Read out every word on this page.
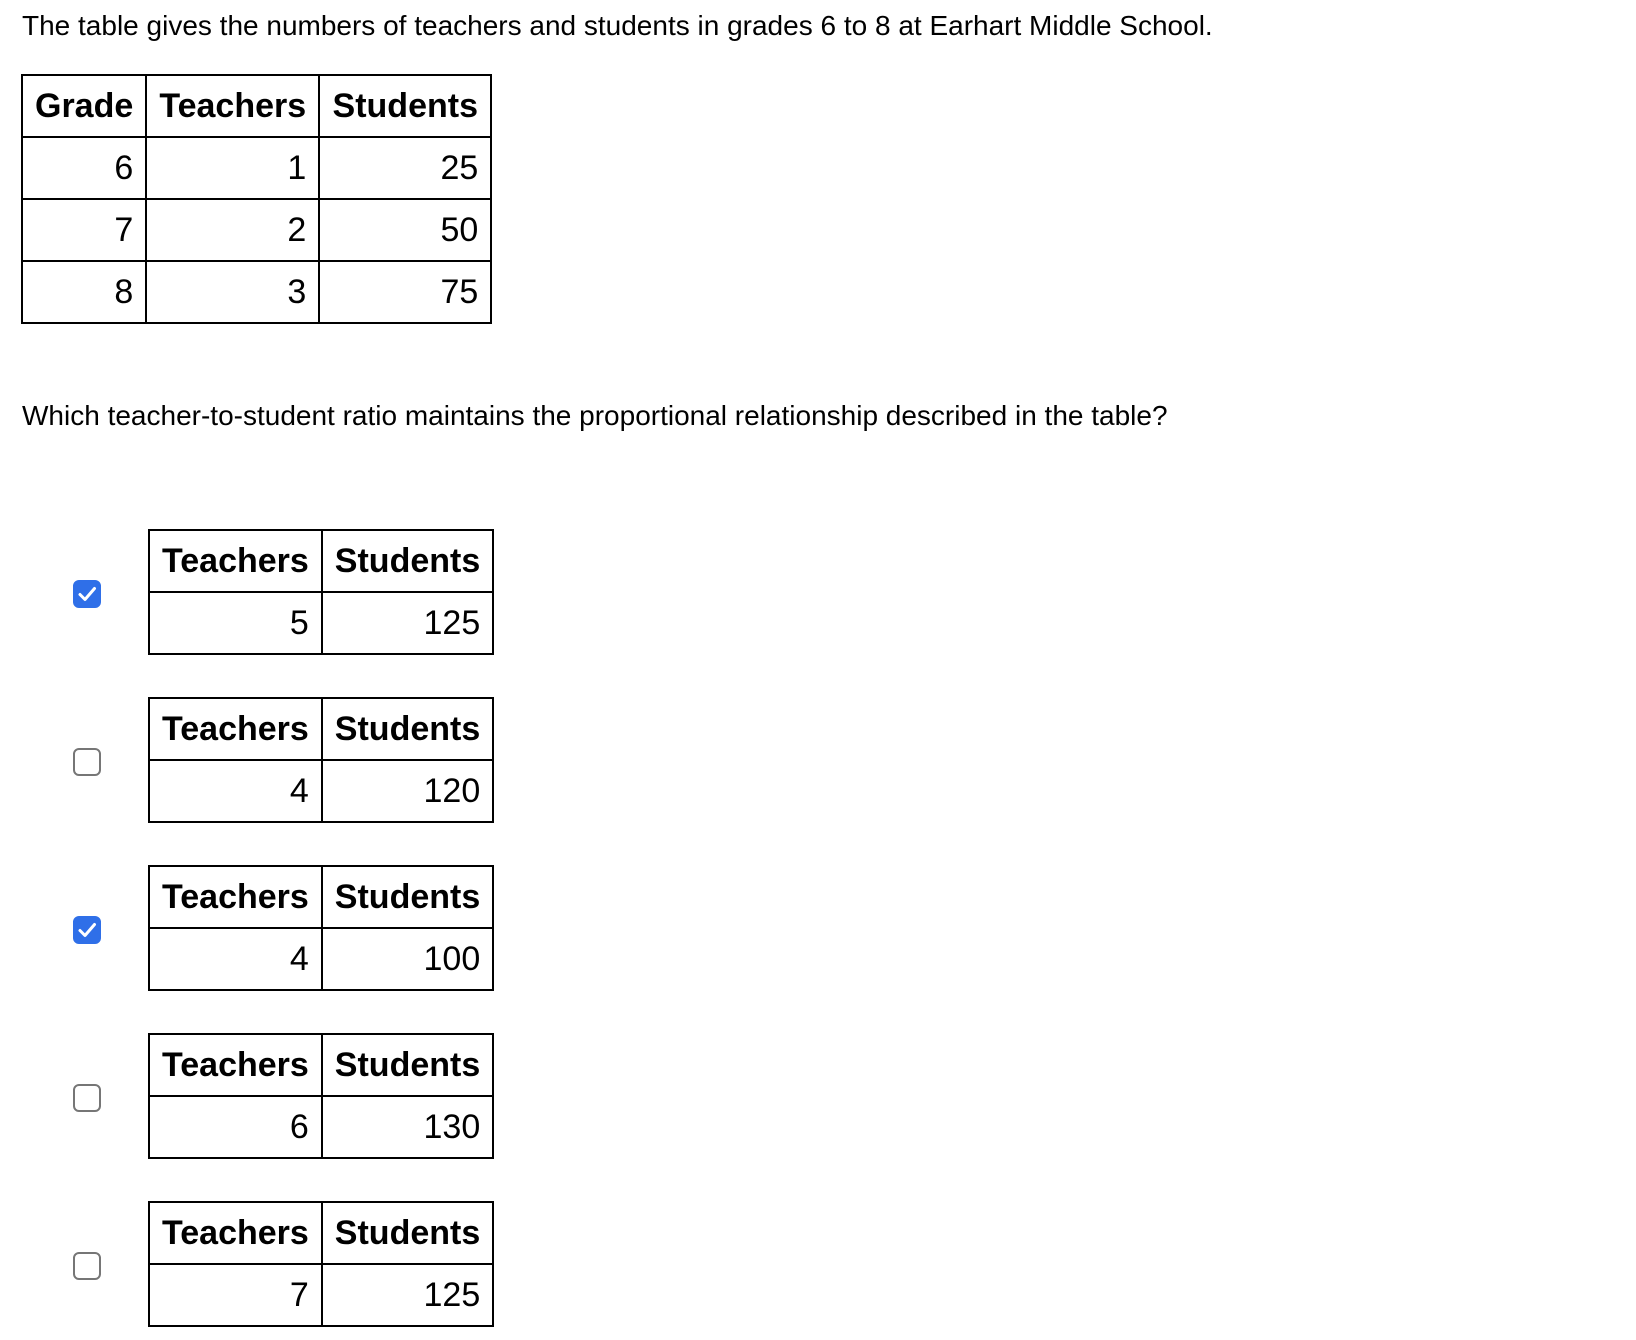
The table gives the numbers of teachers and students in grades 6 to 8 at Earhart Middle School.

Grade	Teachers	Students
6	1	25
7	2	50
8	3	75

Which teacher-to-student ratio maintains the proportional relationship described in the table?

Teachers	Students
5	125
Teachers	Students
4	120
Teachers	Students
4	100
Teachers	Students
6	130
Teachers	Students
7	125
